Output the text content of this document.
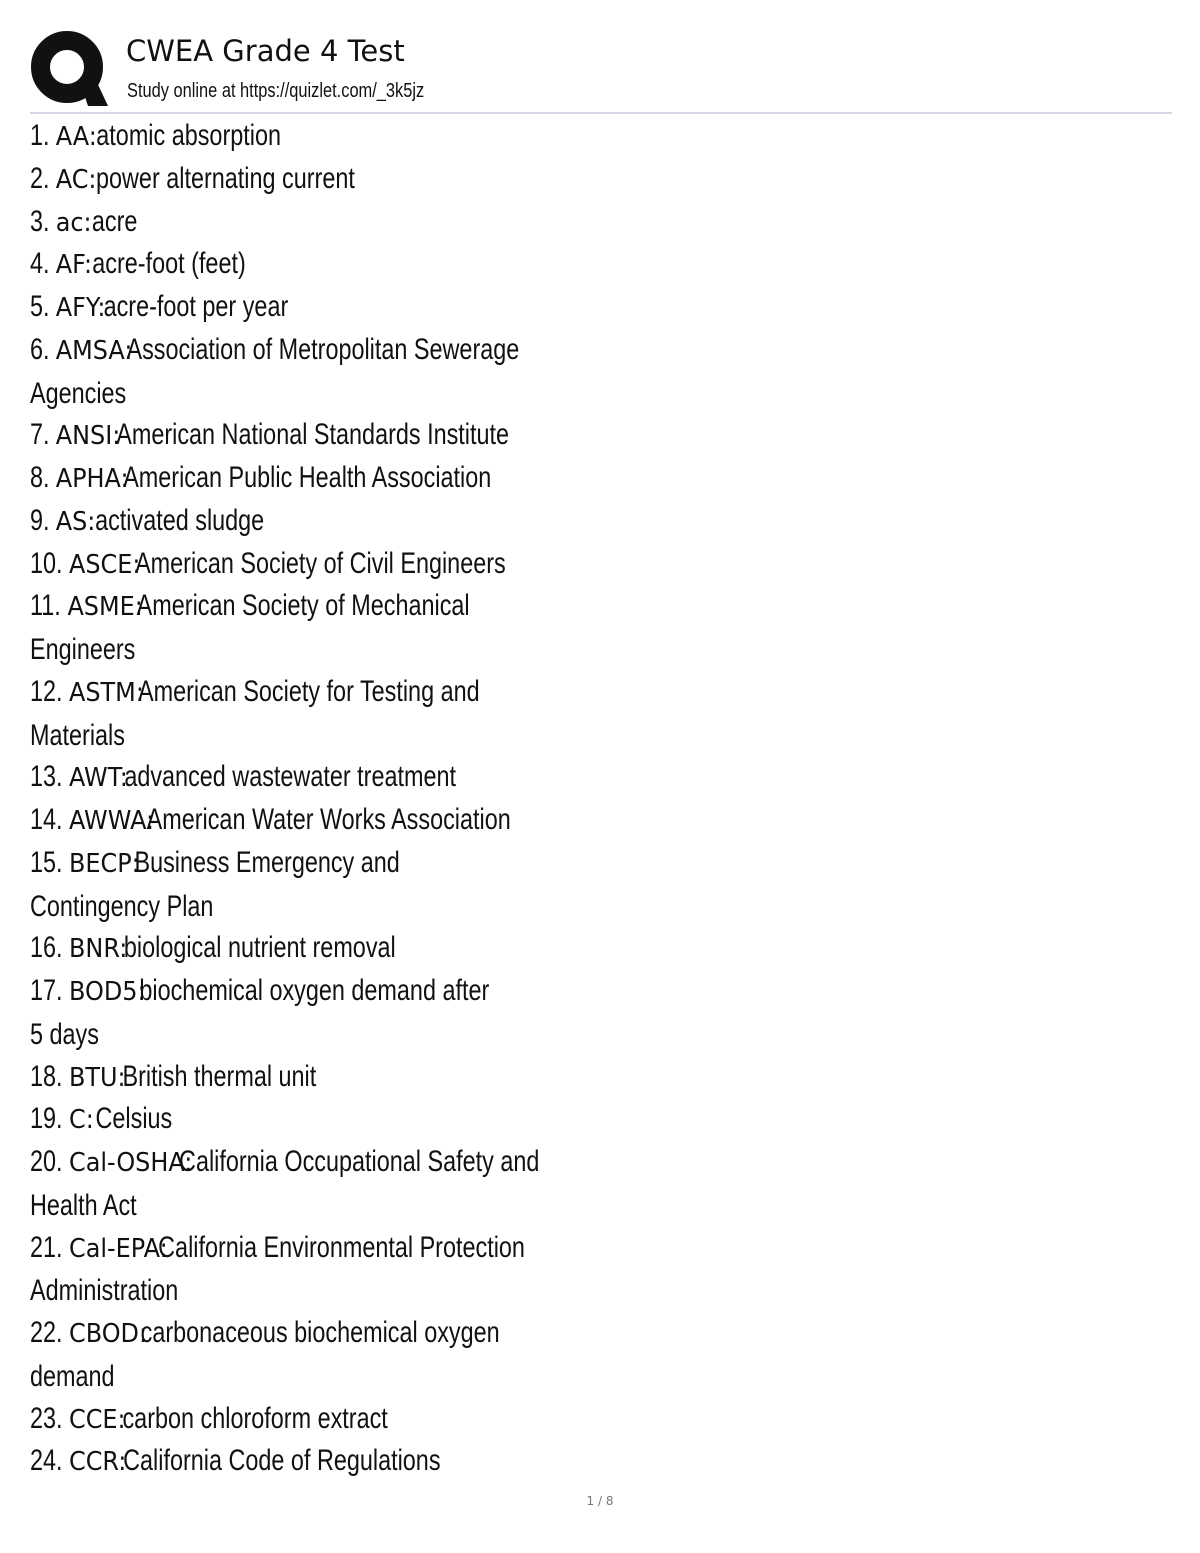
CWEA Grade 4 Test
Study online at https://quizlet.com/_3k5jz
1. AA:atomic absorption
2. AC:power alternating current
3. ac:acre
4. AF:acre-foot (feet)
5. AFY:acre-foot per year
6. AMSA:Association of Metropolitan Sewerage
Agencies
7. ANSI:American National Standards Institute
8. APHA:American Public Health Association
9. AS:activated sludge
10. ASCE:American Society of Civil Engineers
11. ASME:American Society of Mechanical
Engineers
12. ASTM:American Society for Testing and
Materials
13. AWT:advanced wastewater treatment
14. AWWA:American Water Works Association
15. BECP:Business Emergency and
Contingency Plan
16. BNR:biological nutrient removal
17. BOD5:biochemical oxygen demand after
5 days
18. BTU:British thermal unit
19. C:Celsius
20. Cal-OSHA:California Occupational Safety and
Health Act
21. Cal-EPA:California Environmental Protection
Administration
22. CBOD:carbonaceous biochemical oxygen
demand
23. CCE:carbon chloroform extract
24. CCR:California Code of Regulations
1 / 8
